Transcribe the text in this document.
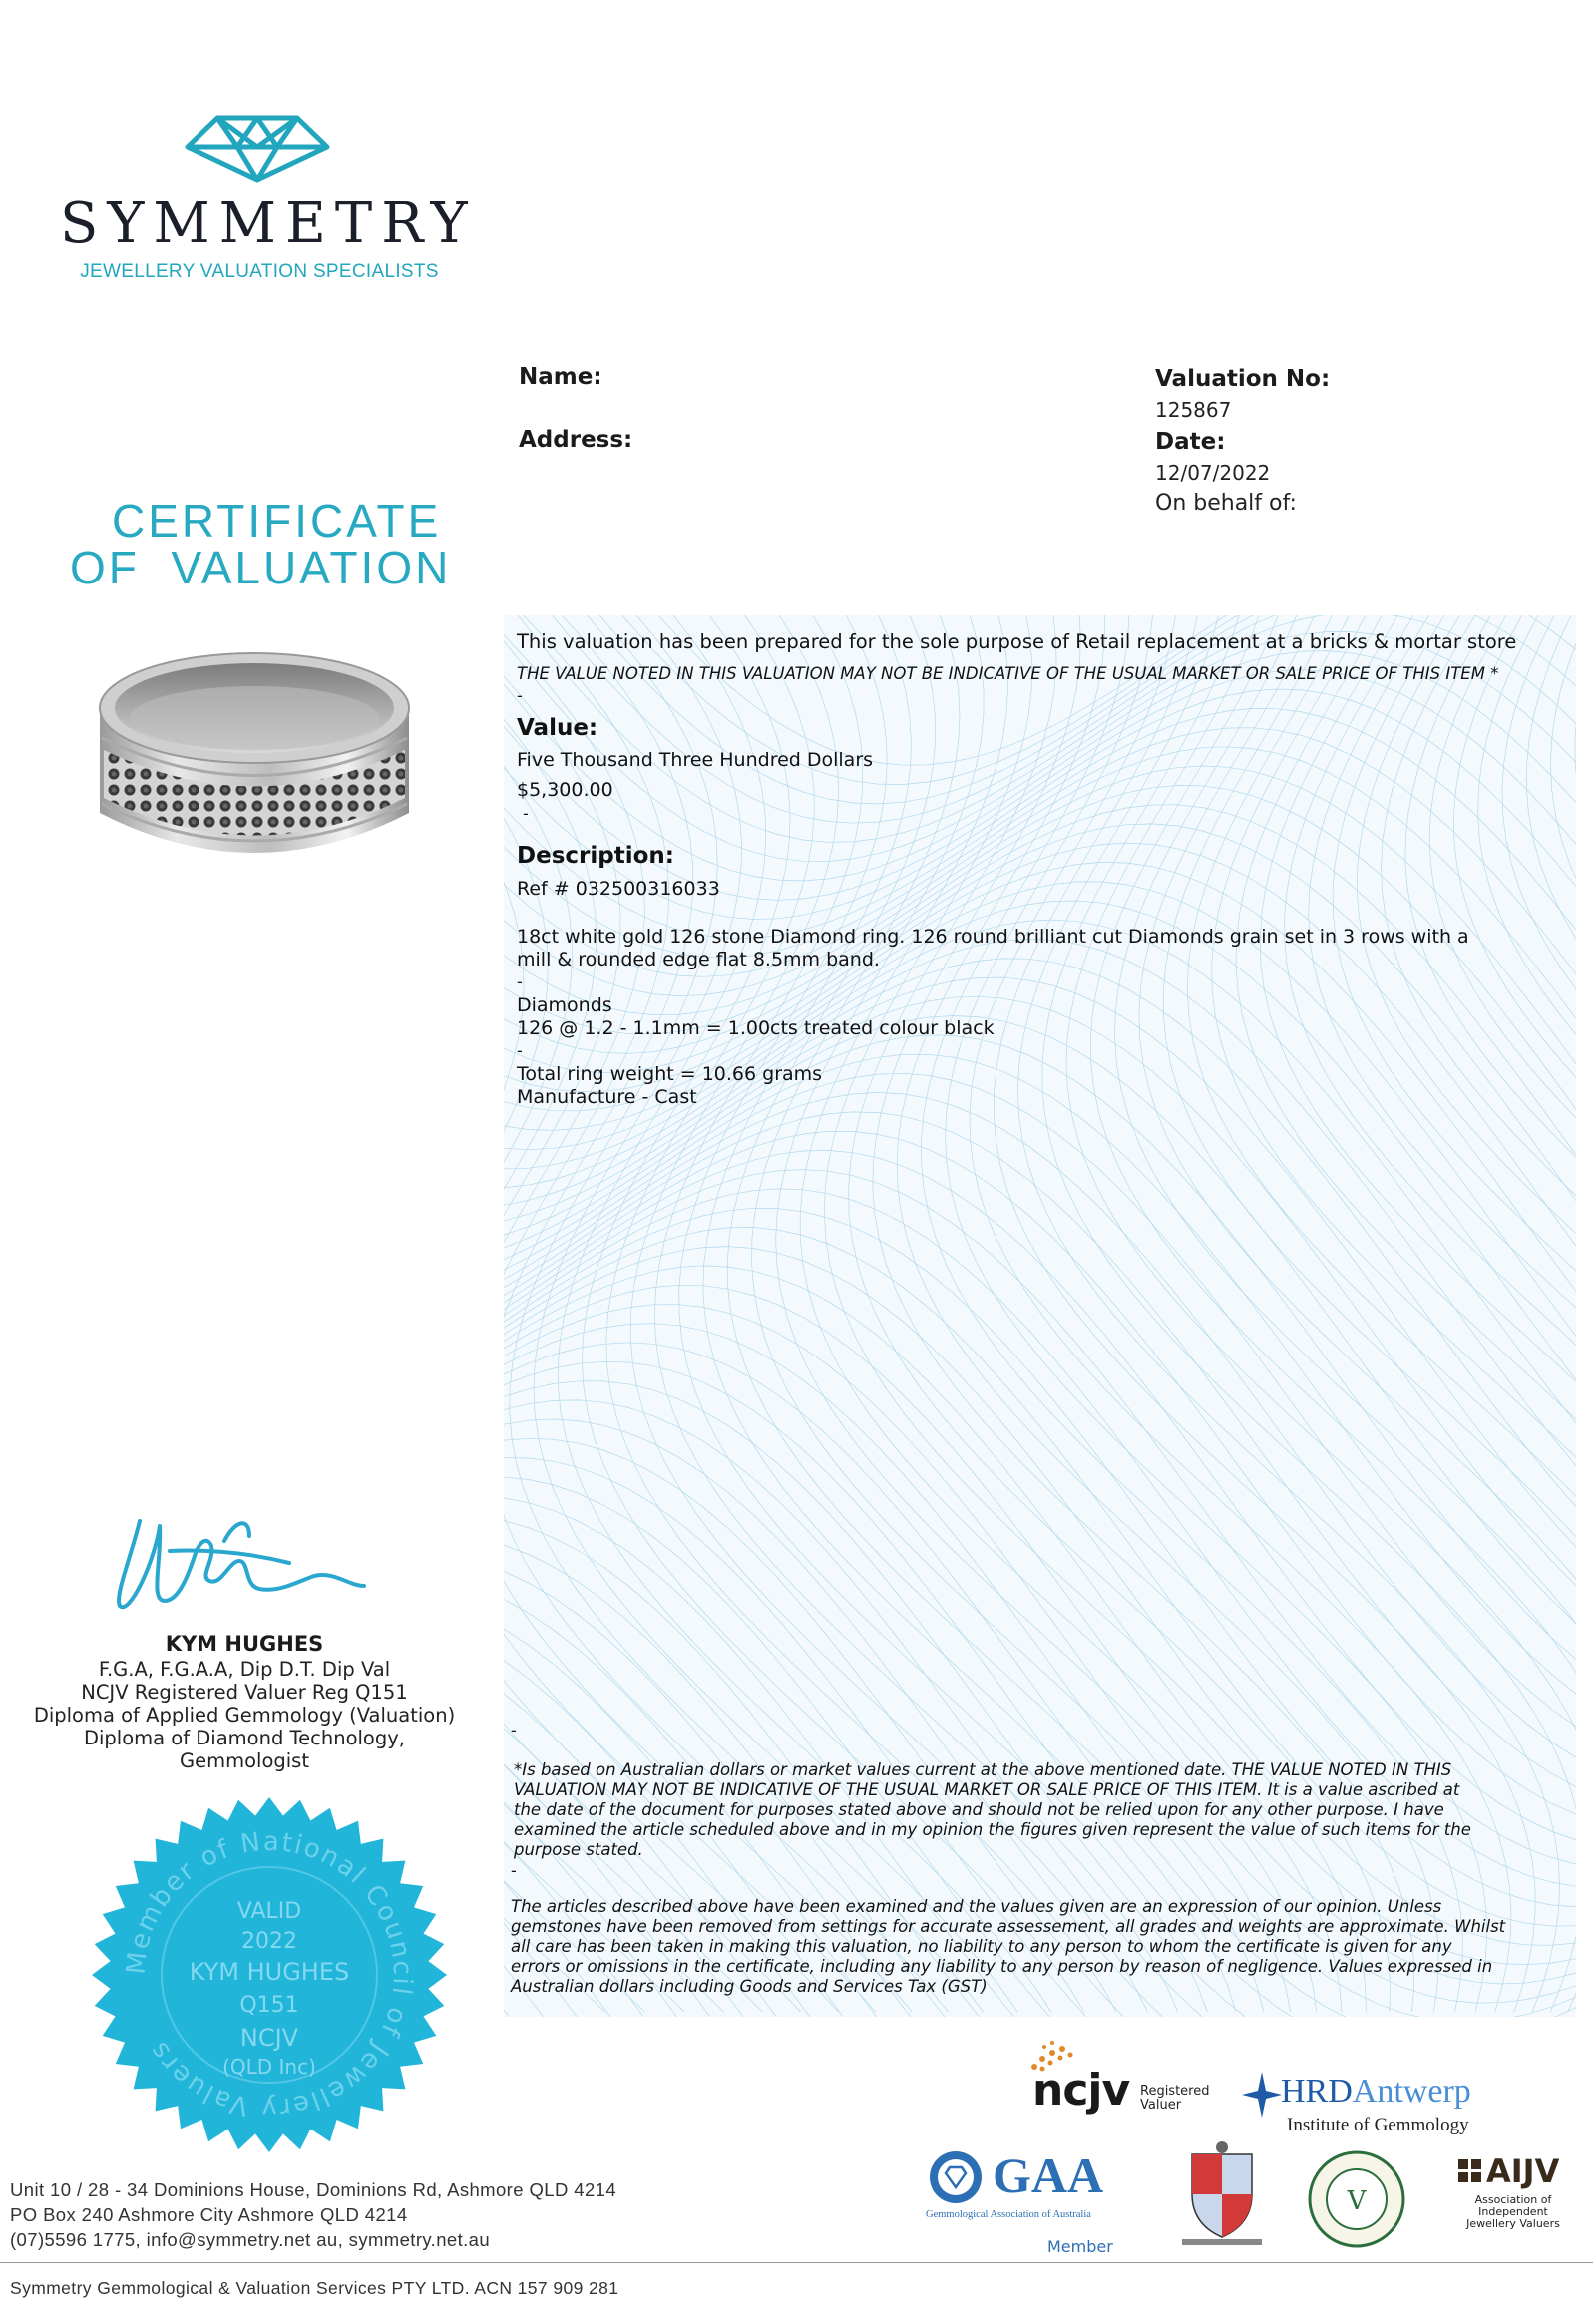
SYMMETRY
JEWELLERY VALUATION SPECIALISTS
Name:
Address:
Valuation No:
125867
Date:
12/07/2022
On behalf of:
CERTIFICATE
OF  VALUATION
This valuation has been prepared for the sole purpose of Retail replacement at a bricks & mortar store
THE VALUE NOTED IN THIS VALUATION MAY NOT BE INDICATIVE OF THE USUAL MARKET OR SALE PRICE OF THIS ITEM *
-
Value:
Five Thousand Three Hundred Dollars
$5,300.00
-
Description:
Ref # 032500316033
18ct white gold 126 stone Diamond ring. 126 round brilliant cut Diamonds grain set in 3 rows with a
mill & rounded edge flat 8.5mm band.
-
Diamonds
126 @ 1.2 - 1.1mm = 1.00cts treated colour black
-
Total ring weight = 10.66 grams
Manufacture - Cast
-
*Is based on Australian dollars or market values current at the above mentioned date. THE VALUE NOTED IN THIS
VALUATION MAY NOT BE INDICATIVE OF THE USUAL MARKET OR SALE PRICE OF THIS ITEM. It is a value ascribed at
the date of the document for purposes stated above and should not be relied upon for any other purpose. I have
examined the article scheduled above and in my opinion the figures given represent the value of such items for the
purpose stated.
-
The articles described above have been examined and the values given are an expression of our opinion. Unless
gemstones have been removed from settings for accurate assessement, all grades and weights are approximate. Whilst
all care has been taken in making this valuation, no liability to any person to whom the certificate is given for any
errors or omissions in the certificate, including any liability to any person by reason of negligence. Values expressed in
Australian dollars including Goods and Services Tax (GST)
KYM HUGHES
F.G.A, F.G.A.A, Dip D.T. Dip Val
NCJV Registered Valuer Reg Q151
Diploma of Applied Gemmology (Valuation)
Diploma of Diamond Technology,
Gemmologist
Member of National Council of Jewellery Valuers
VALID
2022
KYM HUGHES
Q151
NCJV
(QLD Inc)	ncjv Registered
Valuer	HRDAntwerp
Institute of Gemmology
GAA
Gemmological Association of Australia
Member
V
AIJV
Association of
Independent
Jewellery Valuers
Unit 10 / 28 - 34 Dominions House, Dominions Rd, Ashmore QLD 4214
PO Box 240 Ashmore City Ashmore QLD 4214
(07)5596 1775, info@symmetry.net au, symmetry.net.au
Symmetry Gemmological & Valuation Services PTY LTD. ACN 157 909 281
